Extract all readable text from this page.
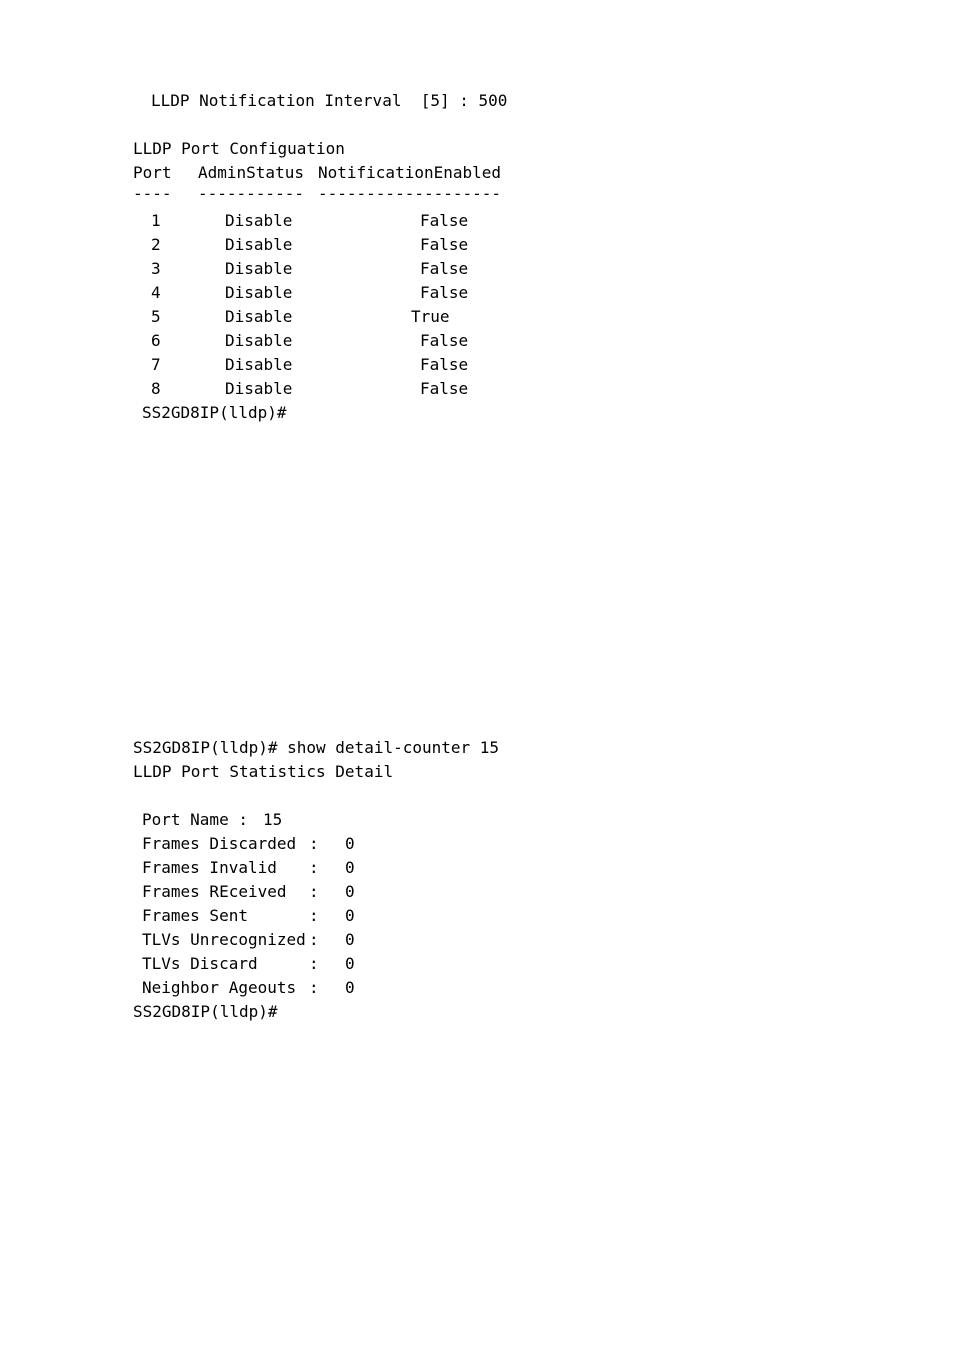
LLDP Notification Interval  [5] : 500
LLDP Port Configuation
Port AdminStatus NotificationEnabled
---- ----------- -------------------
1	Disable	False
2	Disable	False
3	Disable	False
4	Disable	False
5	Disable	True
6	Disable	False
7	Disable	False
8	Disable	False
SS2GD8IP(lldp)#
SS2GD8IP(lldp)# show detail-counter 15
LLDP Port Statistics Detail
Port Name : 15
Frames Discarded : 0
Frames Invalid : 0
Frames REceived : 0
Frames Sent	: 0
TLVs Unrecognized : 0
TLVs Discard	: 0
Neighbor Ageouts : 0
SS2GD8IP(lldp)#
